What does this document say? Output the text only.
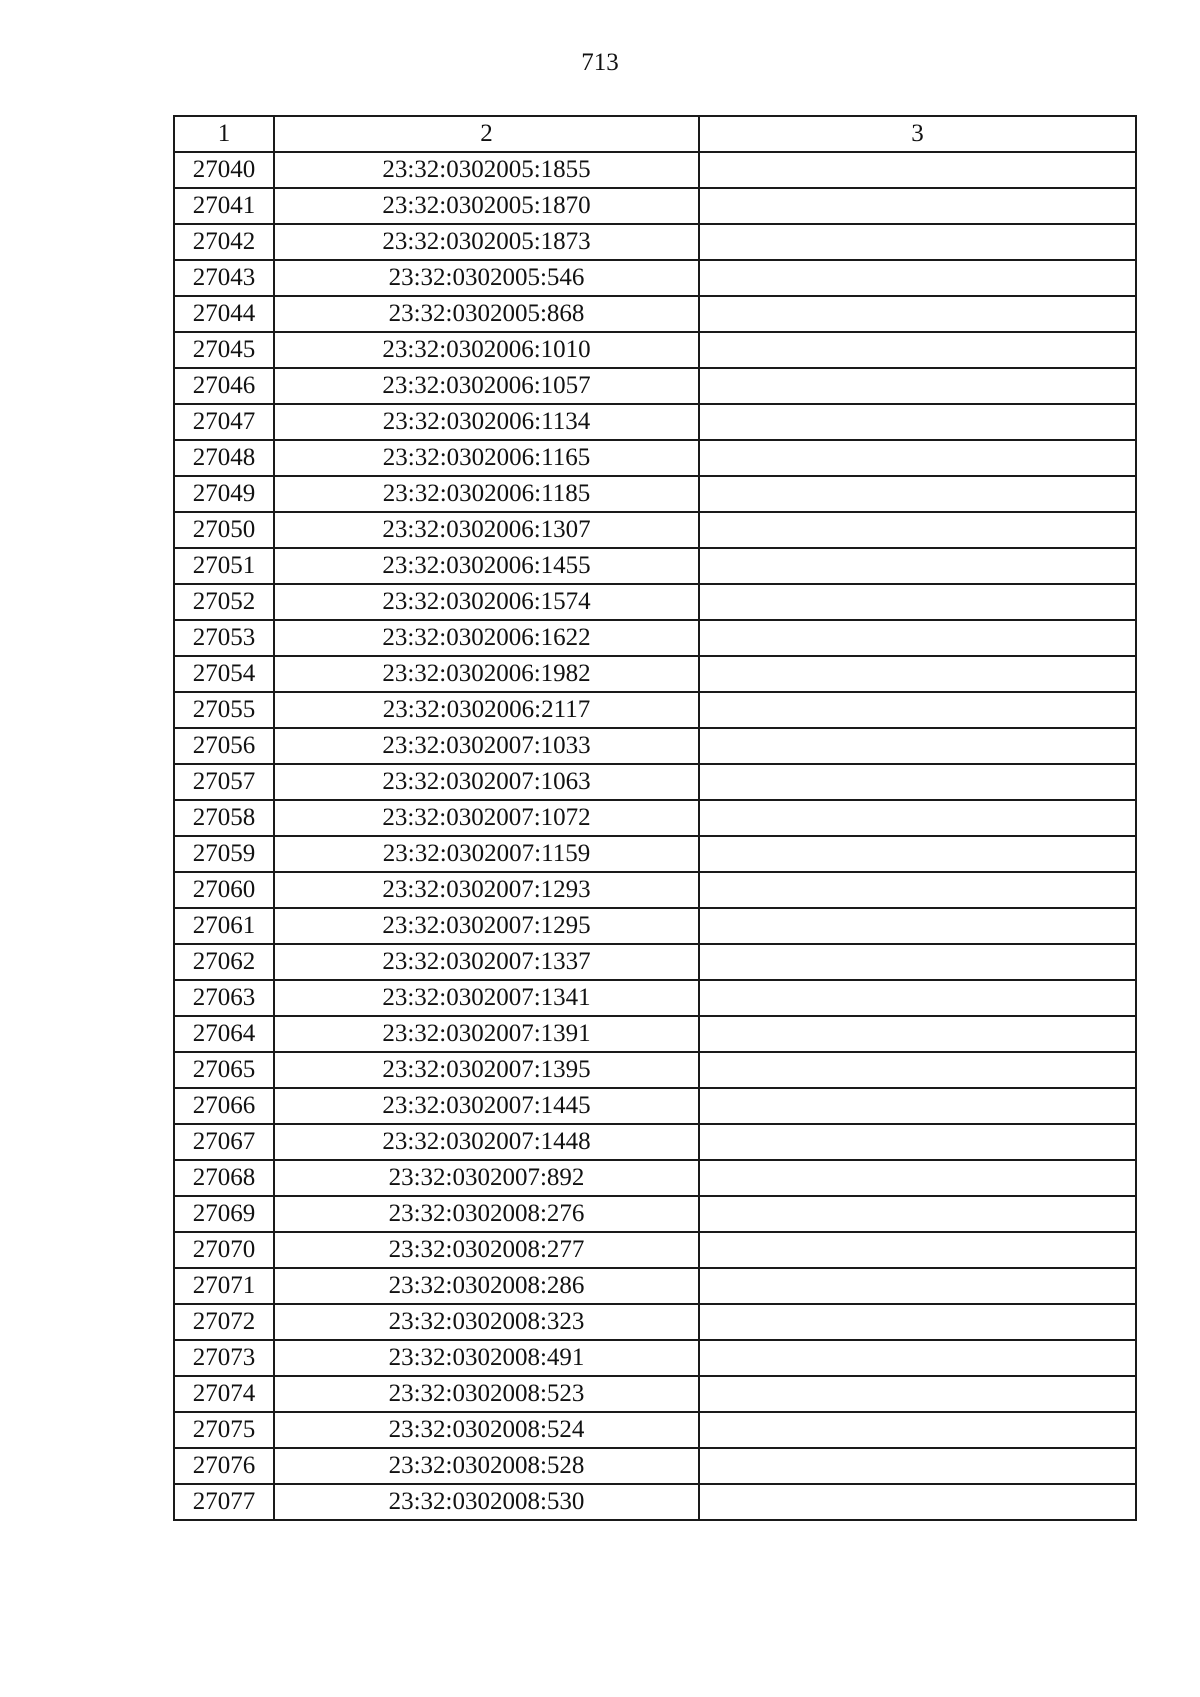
713
1	2	3
27040	23:32:0302005:1855	
27041	23:32:0302005:1870	
27042	23:32:0302005:1873	
27043	23:32:0302005:546	
27044	23:32:0302005:868	
27045	23:32:0302006:1010	
27046	23:32:0302006:1057	
27047	23:32:0302006:1134	
27048	23:32:0302006:1165	
27049	23:32:0302006:1185	
27050	23:32:0302006:1307	
27051	23:32:0302006:1455	
27052	23:32:0302006:1574	
27053	23:32:0302006:1622	
27054	23:32:0302006:1982	
27055	23:32:0302006:2117	
27056	23:32:0302007:1033	
27057	23:32:0302007:1063	
27058	23:32:0302007:1072	
27059	23:32:0302007:1159	
27060	23:32:0302007:1293	
27061	23:32:0302007:1295	
27062	23:32:0302007:1337	
27063	23:32:0302007:1341	
27064	23:32:0302007:1391	
27065	23:32:0302007:1395	
27066	23:32:0302007:1445	
27067	23:32:0302007:1448	
27068	23:32:0302007:892	
27069	23:32:0302008:276	
27070	23:32:0302008:277	
27071	23:32:0302008:286	
27072	23:32:0302008:323	
27073	23:32:0302008:491	
27074	23:32:0302008:523	
27075	23:32:0302008:524	
27076	23:32:0302008:528	
27077	23:32:0302008:530	
